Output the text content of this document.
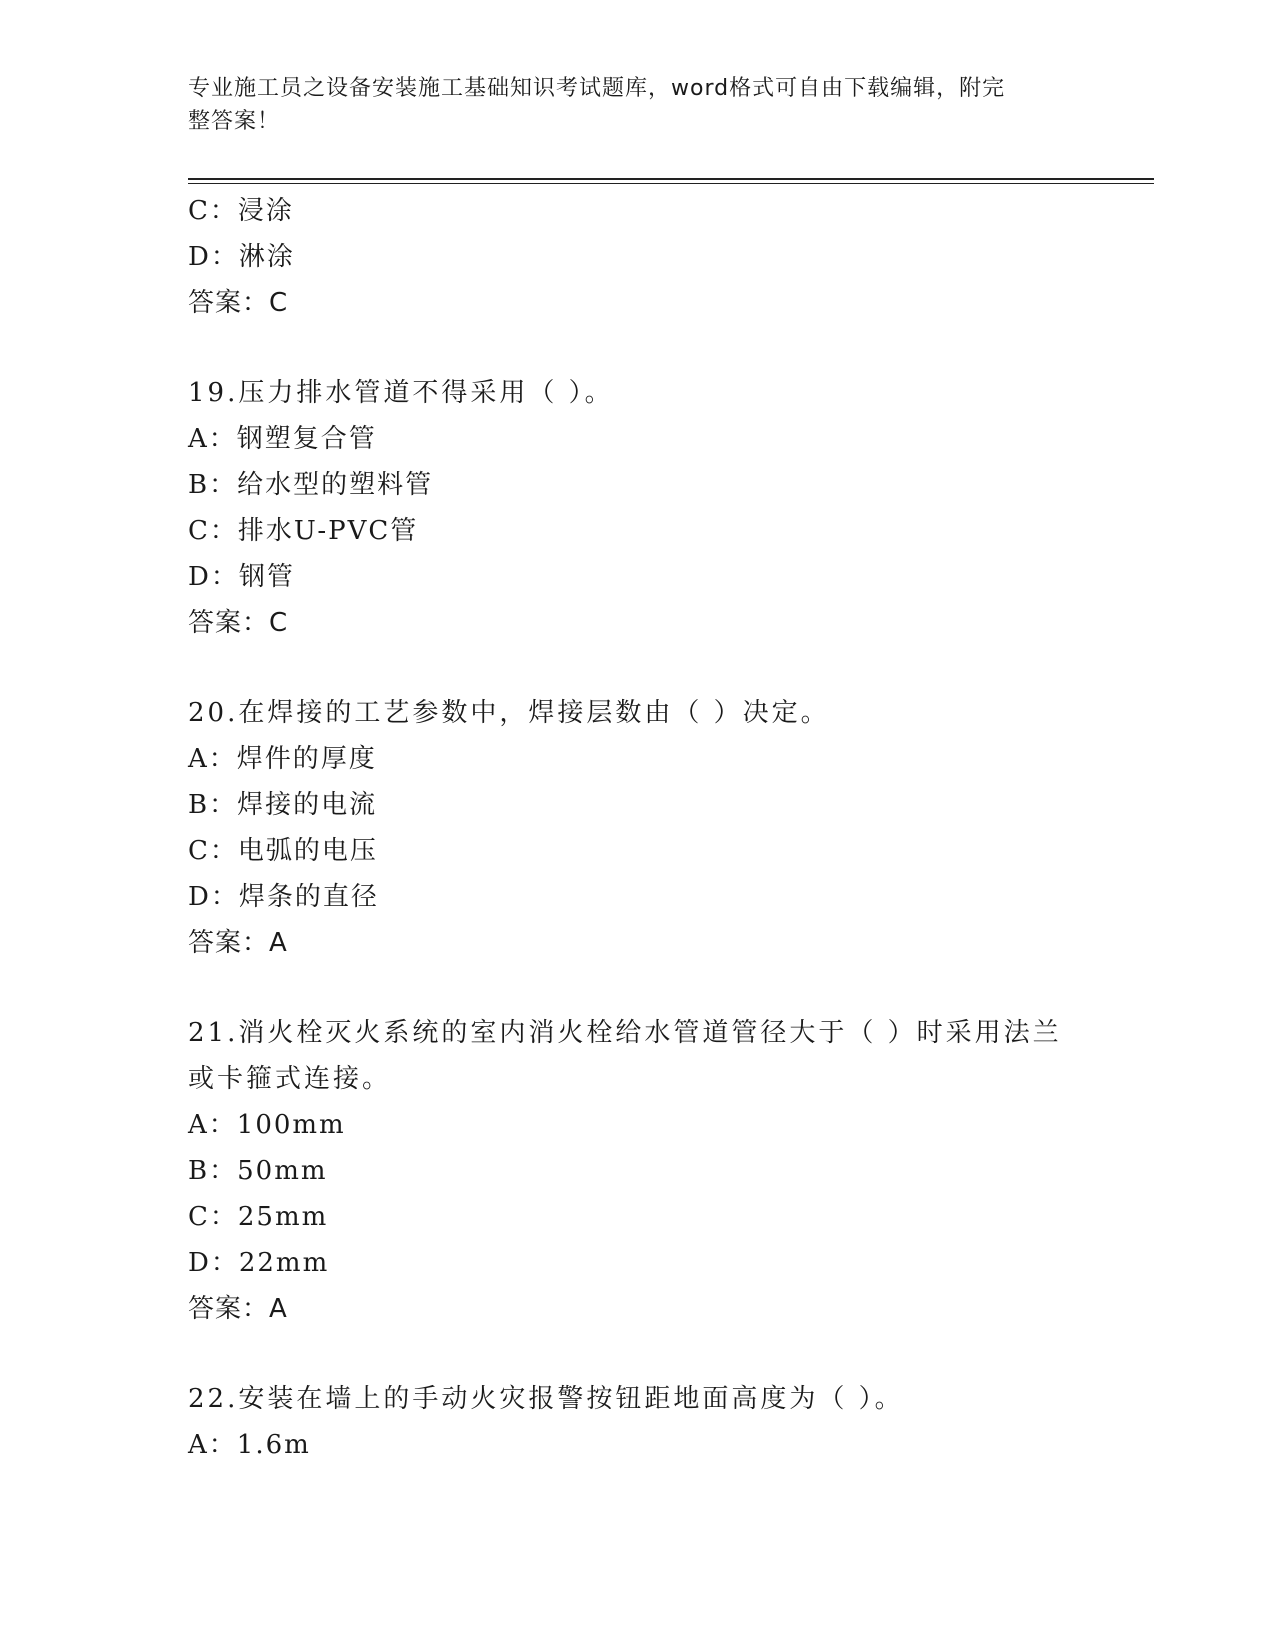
专业施工员之设备安装施工基础知识考试题库，word格式可自由下载编辑，附完
整答案！
C：浸涂
D：淋涂
答案：C
19.压力排水管道不得采用（ ）。
A：钢塑复合管
B：给水型的塑料管
C：排水U-PVC管
D：钢管
答案：C
20.在焊接的工艺参数中，焊接层数由（ ）决定。
A：焊件的厚度
B：焊接的电流
C：电弧的电压
D：焊条的直径
答案：A
21.消火栓灭火系统的室内消火栓给水管道管径大于（ ）时采用法兰
或卡箍式连接。
A：100mm
B：50mm
C：25mm
D：22mm
答案：A
22.安装在墙上的手动火灾报警按钮距地面高度为（ ）。
A：1.6m
